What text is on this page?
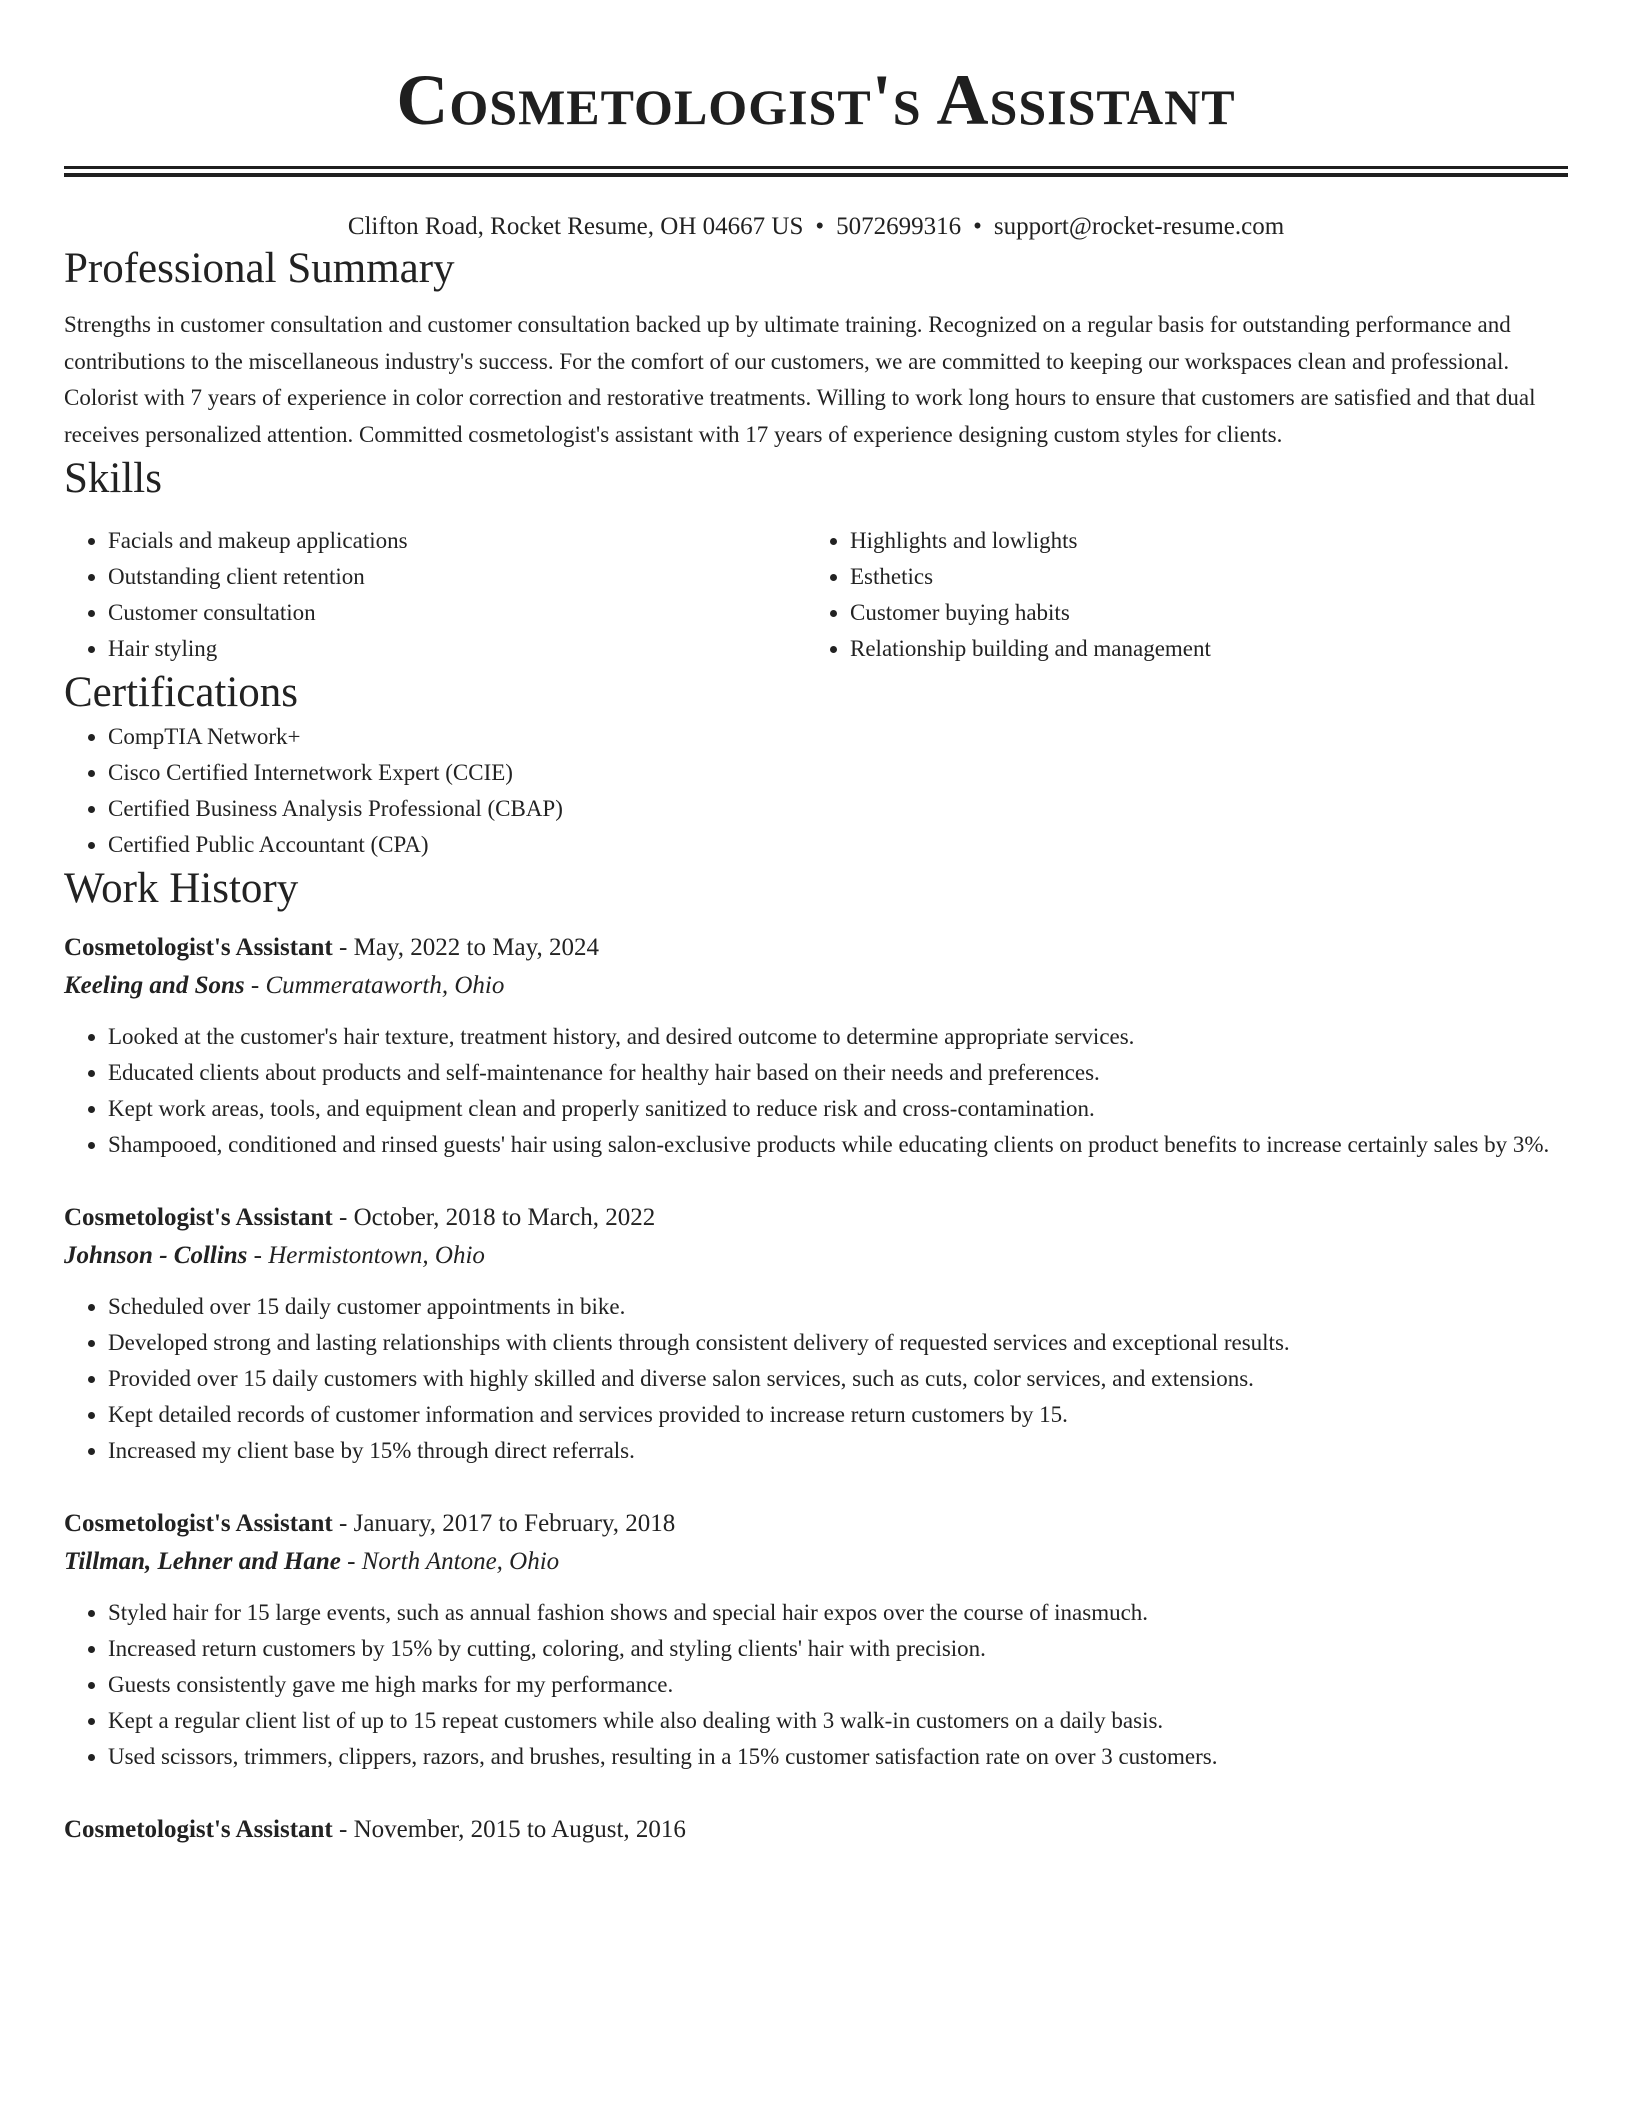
Cosmetologist's Assistant
Clifton Road, Rocket Resume, OH 04667 US • 5072699316 • support@rocket-resume.com
Professional Summary
Strengths in customer consultation and customer consultation backed up by ultimate training. Recognized on a regular basis for outstanding performance and contributions to the miscellaneous industry's success. For the comfort of our customers, we are committed to keeping our workspaces clean and professional. Colorist with 7 years of experience in color correction and restorative treatments. Willing to work long hours to ensure that customers are satisfied and that dual receives personalized attention. Committed cosmetologist's assistant with 17 years of experience designing custom styles for clients.
Skills
• Facials and makeup applications
• Outstanding client retention
• Customer consultation
• Hair styling
• Highlights and lowlights
• Esthetics
• Customer buying habits
• Relationship building and management
Certifications
• CompTIA Network+
• Cisco Certified Internetwork Expert (CCIE)
• Certified Business Analysis Professional (CBAP)
• Certified Public Accountant (CPA)
Work History
Cosmetologist's Assistant - May, 2022 to May, 2024
Keeling and Sons - Cummerataworth, Ohio
• Looked at the customer's hair texture, treatment history, and desired outcome to determine appropriate services.
• Educated clients about products and self-maintenance for healthy hair based on their needs and preferences.
• Kept work areas, tools, and equipment clean and properly sanitized to reduce risk and cross-contamination.
• Shampooed, conditioned and rinsed guests' hair using salon-exclusive products while educating clients on product benefits to increase certainly sales by 3%.
Cosmetologist's Assistant - October, 2018 to March, 2022
Johnson - Collins - Hermistontown, Ohio
• Scheduled over 15 daily customer appointments in bike.
• Developed strong and lasting relationships with clients through consistent delivery of requested services and exceptional results.
• Provided over 15 daily customers with highly skilled and diverse salon services, such as cuts, color services, and extensions.
• Kept detailed records of customer information and services provided to increase return customers by 15.
• Increased my client base by 15% through direct referrals.
Cosmetologist's Assistant - January, 2017 to February, 2018
Tillman, Lehner and Hane - North Antone, Ohio
• Styled hair for 15 large events, such as annual fashion shows and special hair expos over the course of inasmuch.
• Increased return customers by 15% by cutting, coloring, and styling clients' hair with precision.
• Guests consistently gave me high marks for my performance.
• Kept a regular client list of up to 15 repeat customers while also dealing with 3 walk-in customers on a daily basis.
• Used scissors, trimmers, clippers, razors, and brushes, resulting in a 15% customer satisfaction rate on over 3 customers.
Cosmetologist's Assistant - November, 2015 to August, 2016
